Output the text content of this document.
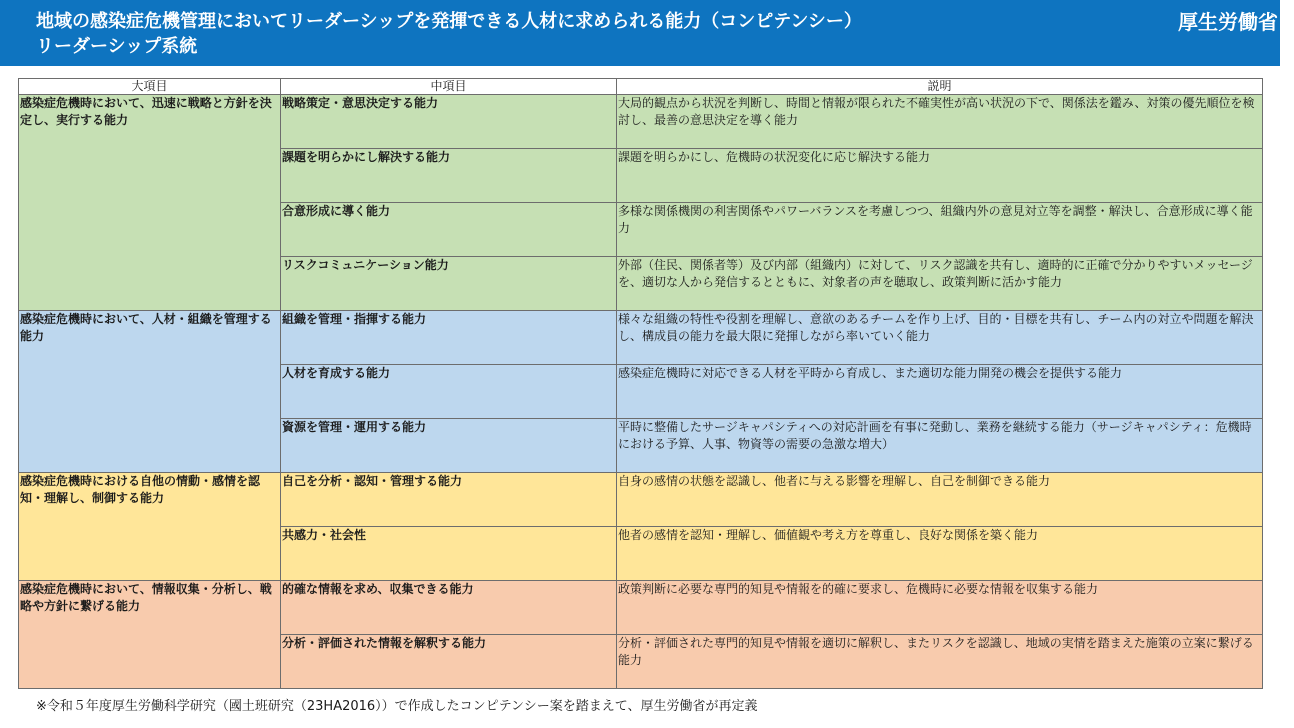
地域の感染症危機管理においてリーダーシップを発揮できる人材に求められる能力（コンピテンシー）
リーダーシップ系統
厚生労働省
大項目	中項目	説明
感染症危機時において、迅速に戦略と方針を決定し、実行する能力	戦略策定・意思決定する能力	大局的観点から状況を判断し、時間と情報が限られた不確実性が高い状況の下で、関係法を鑑み、対策の優先順位を検討し、最善の意思決定を導く能力
	課題を明らかにし解決する能力	課題を明らかにし、危機時の状況変化に応じ解決する能力
	合意形成に導く能力	多様な関係機関の利害関係やパワーバランスを考慮しつつ、組織内外の意見対立等を調整・解決し、合意形成に導く能力
	リスクコミュニケーション能力	外部（住民、関係者等）及び内部（組織内）に対して、リスク認識を共有し、適時的に正確で分かりやすいメッセージを、適切な人から発信するとともに、対象者の声を聴取し、政策判断に活かす能力
感染症危機時において、人材・組織を管理する能力	組織を管理・指揮する能力	様々な組織の特性や役割を理解し、意欲のあるチームを作り上げ、目的・目標を共有し、チーム内の対立や問題を解決し、構成員の能力を最大限に発揮しながら率いていく能力
	人材を育成する能力	感染症危機時に対応できる人材を平時から育成し、また適切な能力開発の機会を提供する能力
	資源を管理・運用する能力	平時に整備したサージキャパシティへの対応計画を有事に発動し、業務を継続する能力（サージキャパシティ：危機時における予算、人事、物資等の需要の急激な増大）
感染症危機時における自他の情動・感情を認知・理解し、制御する能力	自己を分析・認知・管理する能力	自身の感情の状態を認識し、他者に与える影響を理解し、自己を制御できる能力
	共感力・社会性	他者の感情を認知・理解し、価値観や考え方を尊重し、良好な関係を築く能力
感染症危機時において、情報収集・分析し、戦略や方針に繋げる能力	的確な情報を求め、収集できる能力	政策判断に必要な専門的知見や情報を的確に要求し、危機時に必要な情報を収集する能力
	分析・評価された情報を解釈する能力	分析・評価された専門的知見や情報を適切に解釈し、またリスクを認識し、地域の実情を踏まえた施策の立案に繋げる能力
※令和５年度厚生労働科学研究（國土班研究（23HA2016））で作成したコンピテンシー案を踏まえて、厚生労働省が再定義
